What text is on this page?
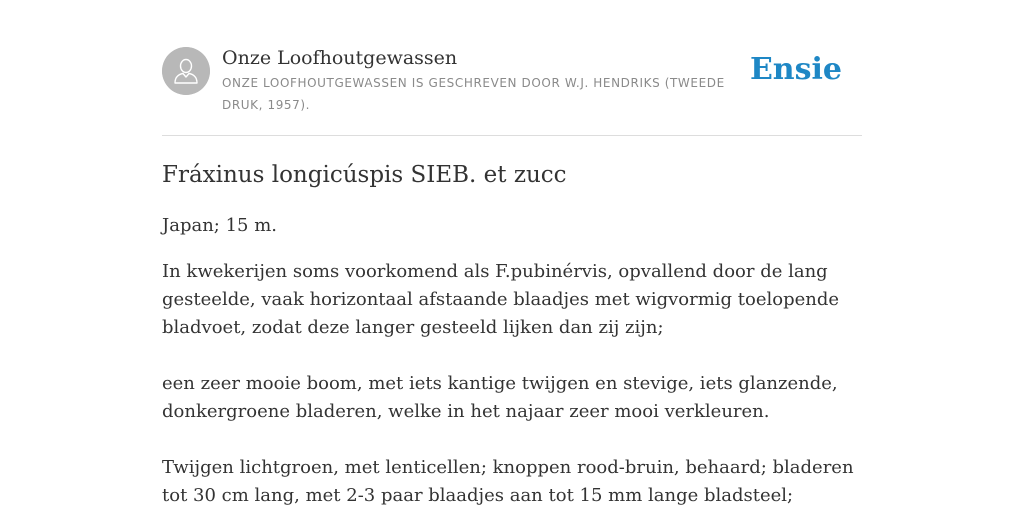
Onze Loofhoutgewassen
ONZE LOOFHOUTGEWASSEN IS GESCHREVEN DOOR W.J. HENDRIKS (TWEEDE DRUK, 1957).
Ensie
Fráxinus longicúspis SIEB. et zucc

Japan; 15 m.

In kwekerijen soms voorkomend als F.pubinérvis, opvallend door de lang gesteelde, vaak horizontaal afstaande blaadjes met wigvormig toelopende bladvoet, zodat deze langer gesteeld lijken dan zij zijn;

een zeer mooie boom, met iets kantige twijgen en stevige, iets glanzende, donkergroene bladeren, welke in het najaar zeer mooi verkleuren.

Twijgen lichtgroen, met lenticellen; knoppen rood-bruin, behaard; bladeren tot 30 cm lang, met 2-3 paar blaadjes aan tot 15 mm lange bladsteel;
